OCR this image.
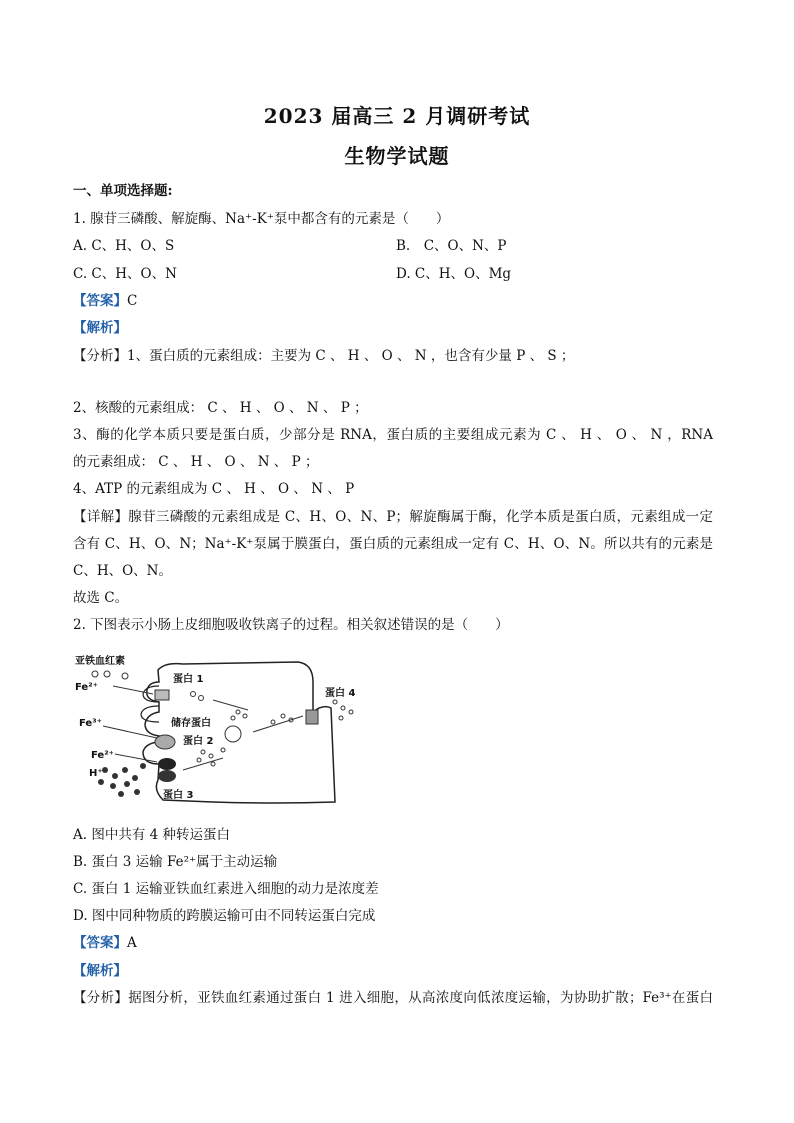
2023 届高三 2 月调研考试
生物学试题
一、单项选择题:
1. 腺苷三磷酸、解旋酶、Na⁺-K⁺泵中都含有的元素是（　　）
A. C、H、O、S	B.　C、O、N、P
C. C、H、O、N	D. C、H、O、Mg
【答案】C
【解析】
【分析】1、蛋白质的元素组成：主要为 C 、 H 、 O 、 N ，也含有少量 P 、 S ；
2、核酸的元素组成： C 、 H 、 O 、 N 、 P ；
3、酶的化学本质只要是蛋白质，少部分是 RNA，蛋白质的主要组成元素为 C 、 H 、 O 、 N ，RNA
的元素组成： C 、 H 、 O 、 N 、 P ；
4、ATP 的元素组成为 C 、 H 、 O 、 N 、 P
【详解】腺苷三磷酸的元素组成是 C、H、O、N、P；解旋酶属于酶，化学本质是蛋白质，元素组成一定
含有 C、H、O、N；Na⁺-K⁺泵属于膜蛋白，蛋白质的元素组成一定有 C、H、O、N。所以共有的元素是
C、H、O、N。
故选 C。
2. 下图表示小肠上皮细胞吸收铁离子的过程。相关叙述错误的是（　　）
亚铁血红素
Fe²⁺
蛋白 1
蛋白 4
Fe³⁺	储存蛋白
蛋白 2
Fe²⁺
H⁺
蛋白 3
A. 图中共有 4 种转运蛋白
B. 蛋白 3 运输 Fe²⁺属于主动运输
C. 蛋白 1 运输亚铁血红素进入细胞的动力是浓度差
D. 图中同种物质的跨膜运输可由不同转运蛋白完成
【答案】A
【解析】
【分析】据图分析，亚铁血红素通过蛋白 1 进入细胞，从高浓度向低浓度运输，为协助扩散；Fe³⁺在蛋白
